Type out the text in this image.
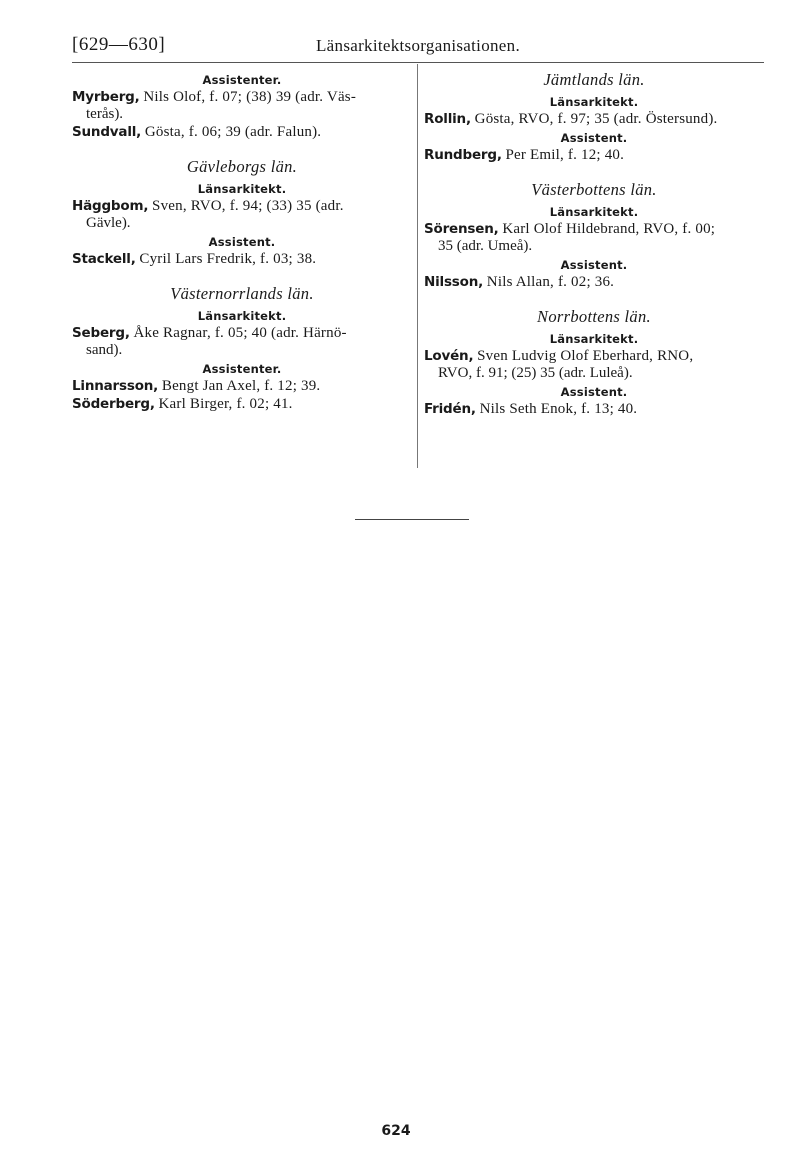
[629—630]	Länsarkitektsorganisationen.
Assistenter.
Myrberg, Nils Olof, f. 07; (38) 39 (adr. Väs-
terås).
Sundvall, Gösta, f. 06; 39 (adr. Falun).
Gävleborgs län.
Länsarkitekt.
Häggbom, Sven, RVO, f. 94; (33) 35 (adr.
Gävle).
Assistent.
Stackell, Cyril Lars Fredrik, f. 03; 38.
Västernorrlands län.
Länsarkitekt.
Seberg, Åke Ragnar, f. 05; 40 (adr. Härnö-
sand).
Assistenter.
Linnarsson, Bengt Jan Axel, f. 12; 39.
Söderberg, Karl Birger, f. 02; 41.
Jämtlands län.
Länsarkitekt.
Rollin, Gösta, RVO, f. 97; 35 (adr. Östersund).
Assistent.
Rundberg, Per Emil, f. 12; 40.
Västerbottens län.
Länsarkitekt.
Sörensen, Karl Olof Hildebrand, RVO, f. 00;
35 (adr. Umeå).
Assistent.
Nilsson, Nils Allan, f. 02; 36.
Norrbottens län.
Länsarkitekt.
Lovén, Sven Ludvig Olof Eberhard, RNO,
RVO, f. 91; (25) 35 (adr. Luleå).
Assistent.
Fridén, Nils Seth Enok, f. 13; 40.
624
